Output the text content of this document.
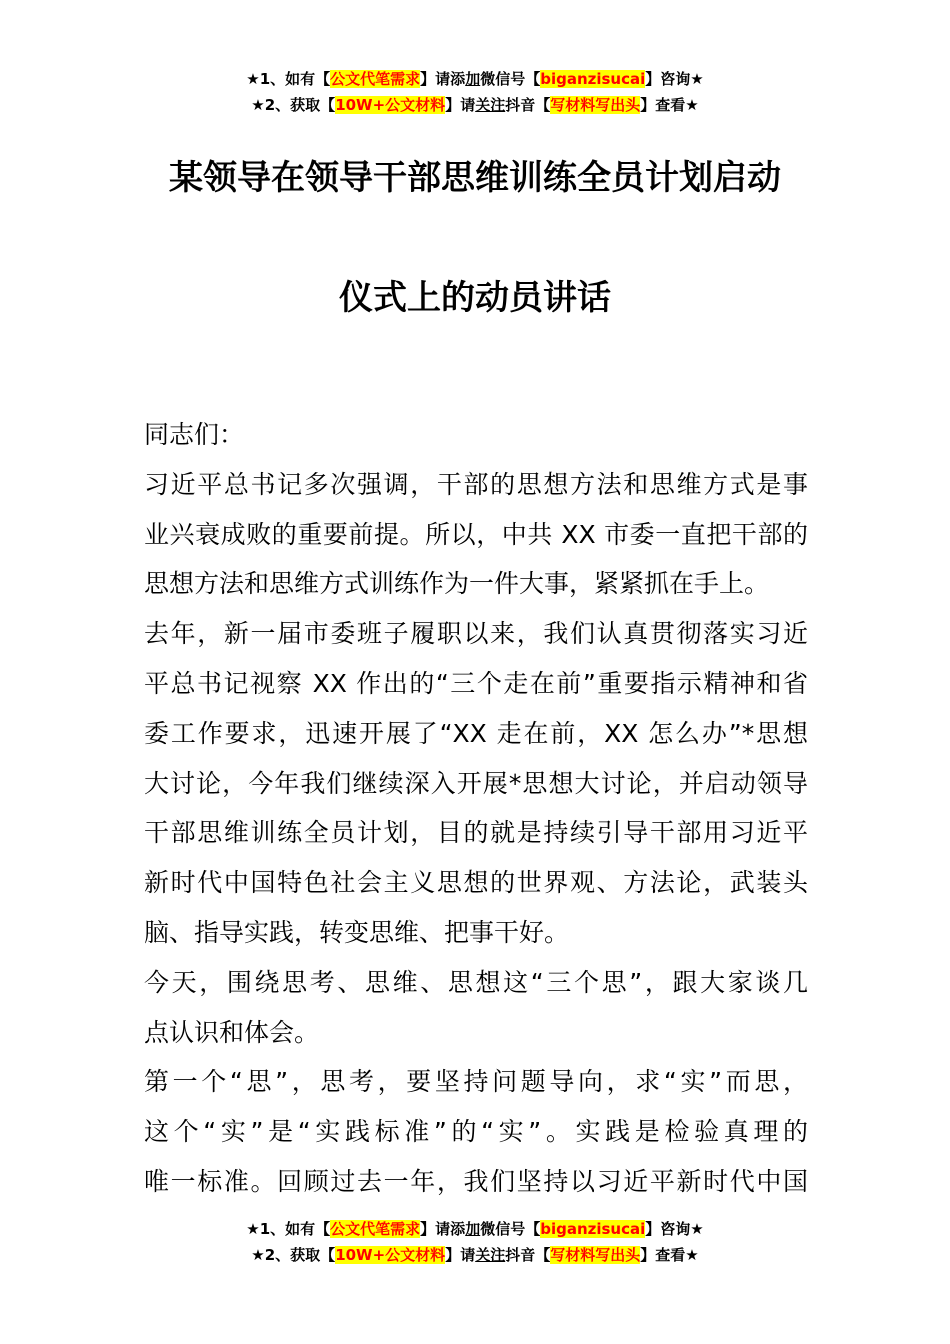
★1、如有【公文代笔需求】请添加微信号【biganzisucai】咨询★
★2、获取【10W+公文材料】请关注抖音【写材料写出头】查看★
某领导在领导干部思维训练全员计划启动
仪式上的动员讲话
同志们：
习近平总书记多次强调，干部的思想方法和思维方式是事
业兴衰成败的重要前提。所以，中共 XX 市委一直把干部的
思想方法和思维方式训练作为一件大事，紧紧抓在手上。
去年，新一届市委班子履职以来，我们认真贯彻落实习近
平总书记视察 XX 作出的“三个走在前”重要指示精神和省
委工作要求，迅速开展了“XX 走在前，XX 怎么办”*思想
大讨论，今年我们继续深入开展*思想大讨论，并启动领导
干部思维训练全员计划，目的就是持续引导干部用习近平
新时代中国特色社会主义思想的世界观、方法论，武装头
脑、指导实践，转变思维、把事干好。
今天，围绕思考、思维、思想这“三个思”，跟大家谈几
点认识和体会。
第一个“思”，思考，要坚持问题导向，求“实”而思，
这个“实”是“实践标准”的“实”。实践是检验真理的
唯一标准。回顾过去一年，我们坚持以习近平新时代中国
★1、如有【公文代笔需求】请添加微信号【biganzisucai】咨询★
★2、获取【10W+公文材料】请关注抖音【写材料写出头】查看★
